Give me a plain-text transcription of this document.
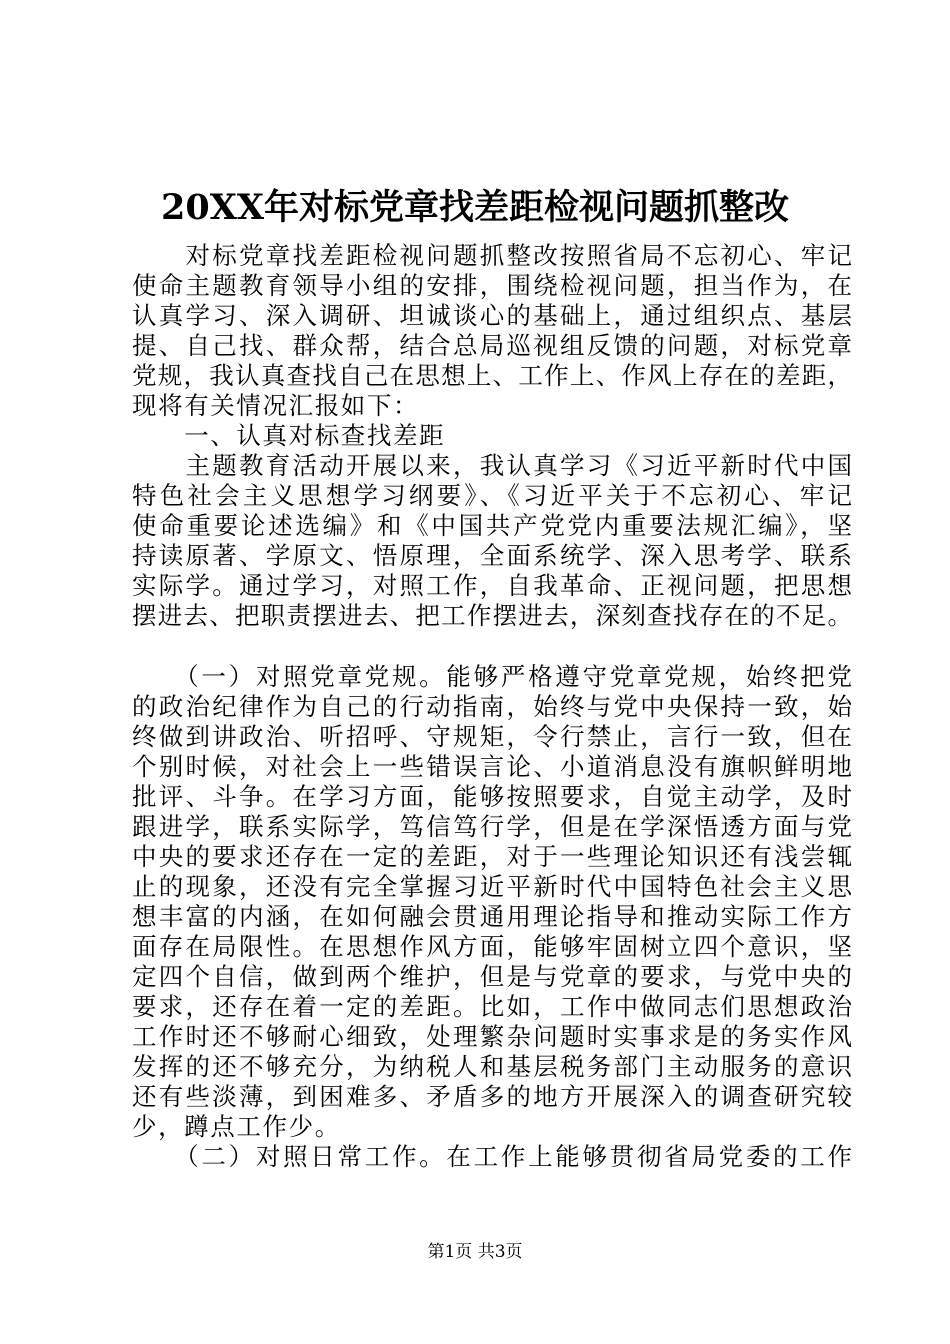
20XX年对标党章找差距检视问题抓整改
　　对标党章找差距检视问题抓整改按照省局不忘初心、牢记
使命主题教育领导小组的安排，围绕检视问题，担当作为，在
认真学习、深入调研、坦诚谈心的基础上，通过组织点、基层
提、自己找、群众帮，结合总局巡视组反馈的问题，对标党章
党规，我认真查找自己在思想上、工作上、作风上存在的差距，
现将有关情况汇报如下：
　　一、认真对标查找差距
　　主题教育活动开展以来，我认真学习《习近平新时代中国
特色社会主义思想学习纲要》、《习近平关于不忘初心、牢记
使命重要论述选编》和《中国共产党党内重要法规汇编》，坚
持读原著、学原文、悟原理，全面系统学、深入思考学、联系
实际学。通过学习，对照工作，自我革命、正视问题，把思想
摆进去、把职责摆进去、把工作摆进去，深刻查找存在的不足。
　　（一）对照党章党规。能够严格遵守党章党规，始终把党
的政治纪律作为自己的行动指南，始终与党中央保持一致，始
终做到讲政治、听招呼、守规矩，令行禁止，言行一致，但在
个别时候，对社会上一些错误言论、小道消息没有旗帜鲜明地
批评、斗争。在学习方面，能够按照要求，自觉主动学，及时
跟进学，联系实际学，笃信笃行学，但是在学深悟透方面与党
中央的要求还存在一定的差距，对于一些理论知识还有浅尝辄
止的现象，还没有完全掌握习近平新时代中国特色社会主义思
想丰富的内涵，在如何融会贯通用理论指导和推动实际工作方
面存在局限性。在思想作风方面，能够牢固树立四个意识，坚
定四个自信，做到两个维护，但是与党章的要求，与党中央的
要求，还存在着一定的差距。比如，工作中做同志们思想政治
工作时还不够耐心细致，处理繁杂问题时实事求是的务实作风
发挥的还不够充分，为纳税人和基层税务部门主动服务的意识
还有些淡薄，到困难多、矛盾多的地方开展深入的调查研究较
少，蹲点工作少。
　　（二）对照日常工作。在工作上能够贯彻省局党委的工作
第1页 共3页
